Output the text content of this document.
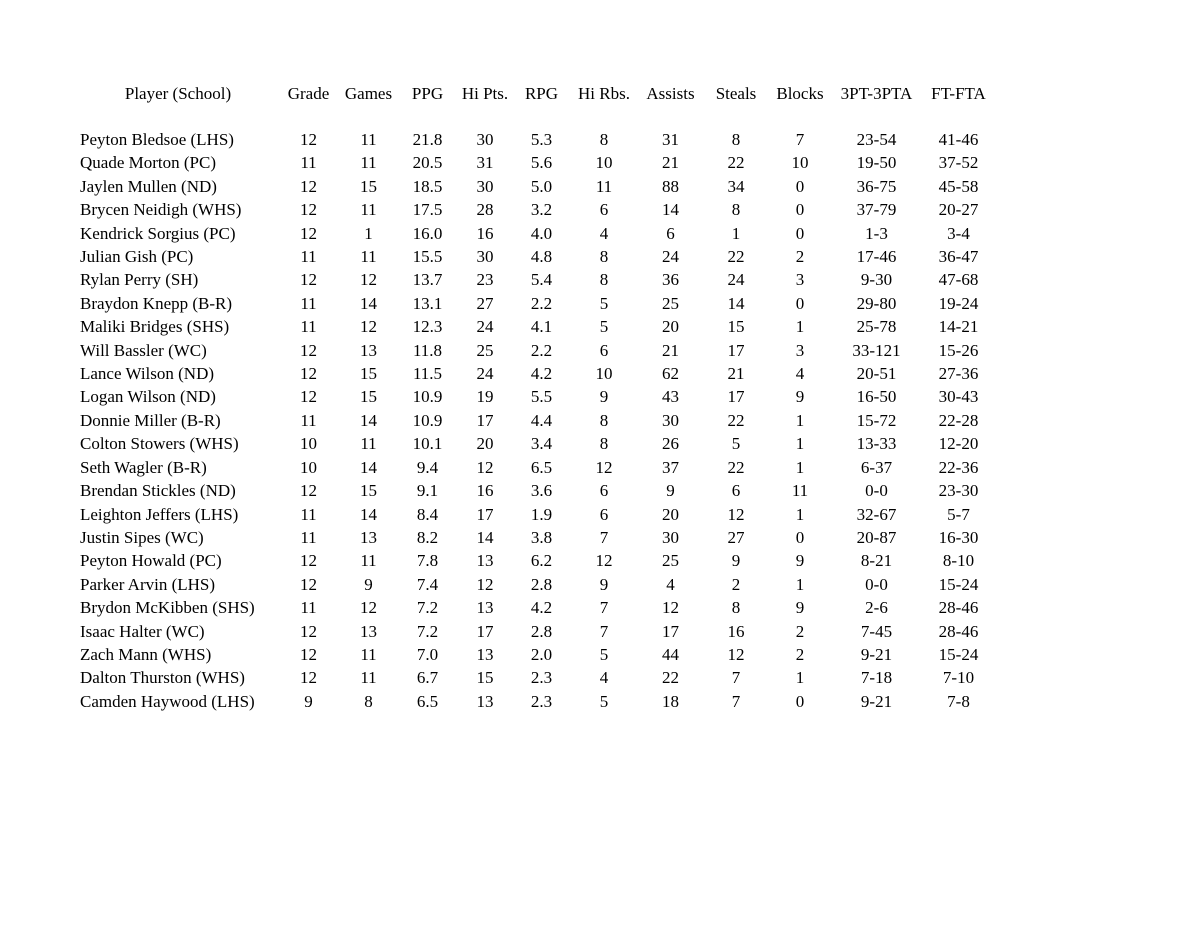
Player (School)	Grade	Games	PPG	Hi Pts.	RPG	Hi Rbs.	Assists	Steals	Blocks	3PT-3PTA	FT-FTA

Peyton Bledsoe (LHS)	12	11	21.8	30	5.3	8	31	8	7	23-54	41-46
Quade Morton (PC)	11	11	20.5	31	5.6	10	21	22	10	19-50	37-52
Jaylen Mullen (ND)	12	15	18.5	30	5.0	11	88	34	0	36-75	45-58
Brycen Neidigh (WHS)	12	11	17.5	28	3.2	6	14	8	0	37-79	20-27
Kendrick Sorgius (PC)	12	1	16.0	16	4.0	4	6	1	0	1-3	3-4
Julian Gish (PC)	11	11	15.5	30	4.8	8	24	22	2	17-46	36-47
Rylan Perry (SH)	12	12	13.7	23	5.4	8	36	24	3	9-30	47-68
Braydon Knepp (B-R)	11	14	13.1	27	2.2	5	25	14	0	29-80	19-24
Maliki Bridges (SHS)	11	12	12.3	24	4.1	5	20	15	1	25-78	14-21
Will Bassler (WC)	12	13	11.8	25	2.2	6	21	17	3	33-121	15-26
Lance Wilson (ND)	12	15	11.5	24	4.2	10	62	21	4	20-51	27-36
Logan Wilson (ND)	12	15	10.9	19	5.5	9	43	17	9	16-50	30-43
Donnie Miller (B-R)	11	14	10.9	17	4.4	8	30	22	1	15-72	22-28
Colton Stowers (WHS)	10	11	10.1	20	3.4	8	26	5	1	13-33	12-20
Seth Wagler (B-R)	10	14	9.4	12	6.5	12	37	22	1	6-37	22-36
Brendan Stickles (ND)	12	15	9.1	16	3.6	6	9	6	11	0-0	23-30
Leighton Jeffers (LHS)	11	14	8.4	17	1.9	6	20	12	1	32-67	5-7
Justin Sipes (WC)	11	13	8.2	14	3.8	7	30	27	0	20-87	16-30
Peyton Howald (PC)	12	11	7.8	13	6.2	12	25	9	9	8-21	8-10
Parker Arvin (LHS)	12	9	7.4	12	2.8	9	4	2	1	0-0	15-24
Brydon McKibben (SHS)	11	12	7.2	13	4.2	7	12	8	9	2-6	28-46
Isaac Halter (WC)	12	13	7.2	17	2.8	7	17	16	2	7-45	28-46
Zach Mann (WHS)	12	11	7.0	13	2.0	5	44	12	2	9-21	15-24
Dalton Thurston (WHS)	12	11	6.7	15	2.3	4	22	7	1	7-18	7-10
Camden Haywood (LHS)	9	8	6.5	13	2.3	5	18	7	0	9-21	7-8
